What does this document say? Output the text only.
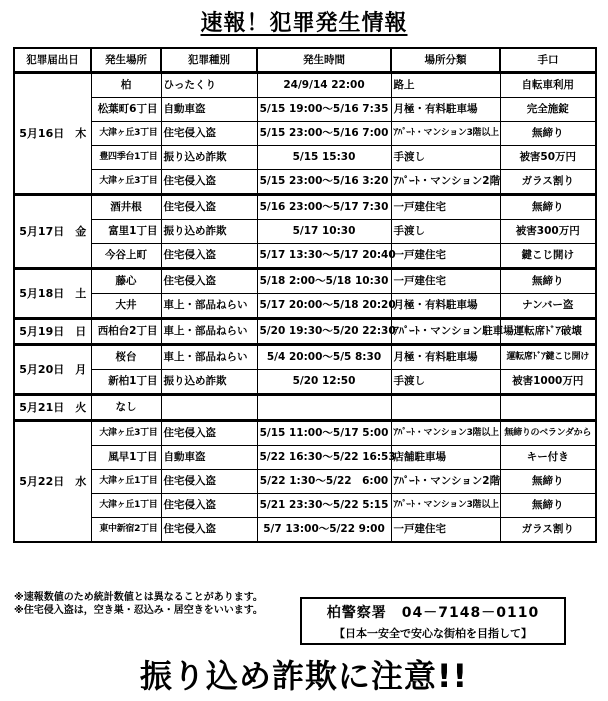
速報！犯罪発生情報
犯罪届出日	発生場所	犯罪種別	発生時間	場所分類	手口
5月16日　木	柏	ひったくり	24/9/14 22:00	路上	自転車利用
	松葉町6丁目	自動車盗	5/15 19:00～5/16 7:35	月極・有料駐車場	完全施錠
	大津ヶ丘3丁目	住宅侵入盗	5/15 23:00～5/16 7:00	ｱﾊﾟｰﾄ・マンション3階以上	無締り
	豊四季台1丁目	振り込め詐欺	5/15 15:30	手渡し	被害50万円
	大津ヶ丘3丁目	住宅侵入盗	5/15 23:00～5/16 3:20	ｱﾊﾟｰﾄ・マンション2階	ガラス割り
5月17日　金	酒井根	住宅侵入盗	5/16 23:00～5/17 7:30	一戸建住宅	無締り
	富里1丁目	振り込め詐欺	5/17 10:30	手渡し	被害300万円
	今谷上町	住宅侵入盗	5/17 13:30～5/17 20:40	一戸建住宅	鍵こじ開け
5月18日　土	藤心	住宅侵入盗	5/18 2:00～5/18 10:30	一戸建住宅	無締り
	大井	車上・部品ねらい	5/17 20:00～5/18 20:20	月極・有料駐車場	ナンバー盗
5月19日　日	西柏台2丁目	車上・部品ねらい	5/20 19:30～5/20 22:30	ｱﾊﾟｰﾄ・マンション駐車場	運転席ﾄﾞｱ破壊
5月20日　月	桜台	車上・部品ねらい	5/4 20:00～5/5 8:30	月極・有料駐車場	運転席ﾄﾞｱ鍵こじ開け
	新柏1丁目	振り込め詐欺	5/20 12:50	手渡し	被害1000万円
5月21日　火	なし				
5月22日　水	大津ヶ丘3丁目	住宅侵入盗	5/15 11:00～5/17 5:00	ｱﾊﾟｰﾄ・マンション3階以上	無締りのベランダから
	風早1丁目	自動車盗	5/22 16:30～5/22 16:53	店舗駐車場	キー付き
	大津ヶ丘1丁目	住宅侵入盗	5/22 1:30～5/22　6:00	ｱﾊﾟｰﾄ・マンション2階	無締り
	大津ヶ丘1丁目	住宅侵入盗	5/21 23:30～5/22 5:15	ｱﾊﾟｰﾄ・マンション3階以上	無締り
	東中新宿2丁目	住宅侵入盗	5/7 13:00～5/22 9:00	一戸建住宅	ガラス割り
※速報数値のため統計数値とは異なることがあります。
※住宅侵入盗は，空き巣・忍込み・居空きをいいます。	柏警察署　04－7148－0110
【日本一安全で安心な街柏を目指して】
振り込め詐欺に注意!!
